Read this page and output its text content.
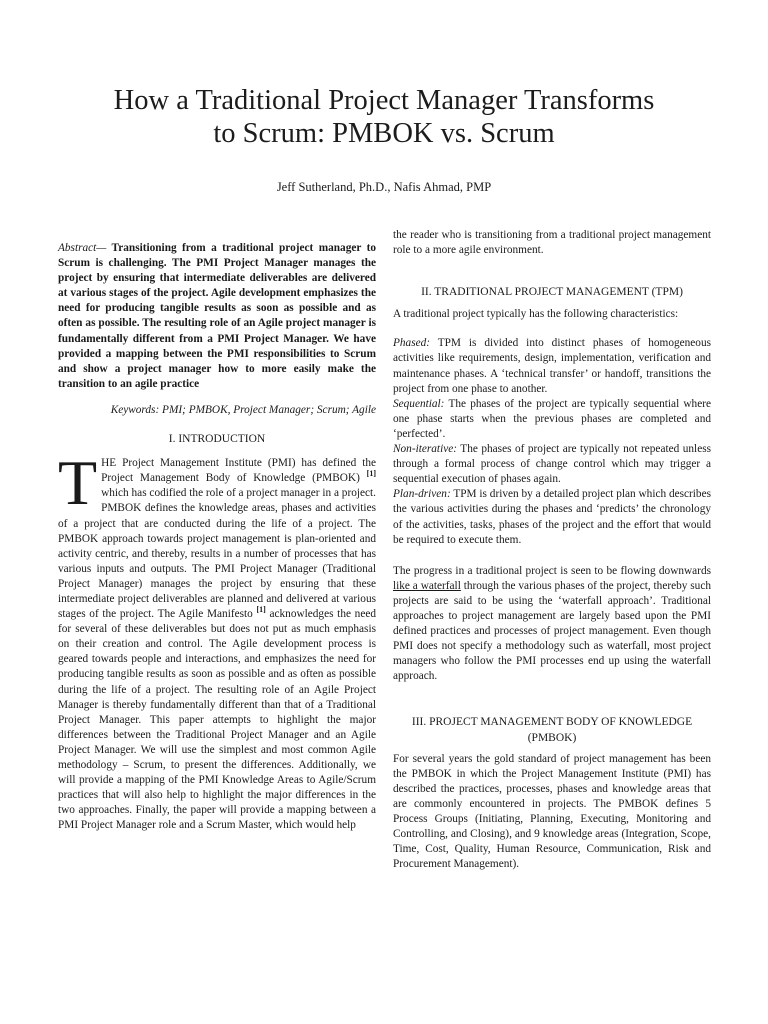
How a Traditional Project Manager Transforms
to Scrum: PMBOK vs. Scrum
Jeff Sutherland, Ph.D., Nafis Ahmad, PMP

Abstract— Transitioning from a traditional project manager to Scrum is challenging. The PMI Project Manager manages the project by ensuring that intermediate deliverables are delivered at various stages of the project. Agile development emphasizes the need for producing tangible results as soon as possible and as often as possible. The resulting role of an Agile project manager is fundamentally different from a PMI Project Manager. We have provided a mapping between the PMI responsibilities to Scrum and show a project manager how to more easily make the transition to an agile practice

Keywords: PMI; PMBOK, Project Manager; Scrum; Agile
I. INTRODUCTION

THE Project Management Institute (PMI) has defined the Project Management Body of Knowledge (PMBOK) [1] which has codified the role of a project manager in a project. PMBOK defines the knowledge areas, phases and activities of a project that are conducted during the life of a project. The PMBOK approach towards project management is plan-oriented and activity centric, and thereby, results in a number of processes that has various inputs and outputs. The PMI Project Manager (Traditional Project Manager) manages the project by ensuring that these intermediate project deliverables are planned and delivered at various stages of the project. The Agile Manifesto [1] acknowledges the need for several of these deliverables but does not put as much emphasis on their creation and control. The Agile development process is geared towards people and interactions, and emphasizes the need for producing tangible results as soon as possible and as often as possible during the life of a project. The resulting role of an Agile Project Manager is thereby fundamentally different than that of a Traditional Project Manager. This paper attempts to highlight the major differences between the Traditional Project Manager and an Agile Project Manager. We will use the simplest and most common Agile methodology – Scrum, to present the differences. Additionally, we will provide a mapping of the PMI Knowledge Areas to Agile/Scrum practices that will also help to highlight the major differences in the two approaches. Finally, the paper will provide a mapping between a PMI Project Manager role and a Scrum Master, which would help

the reader who is transitioning from a traditional project management role to a more agile environment.

II. TRADITIONAL PROJECT MANAGEMENT (TPM)

A traditional project typically has the following characteristics:

Phased: TPM is divided into distinct phases of homogeneous activities like requirements, design, implementation, verification and maintenance phases. A ‘technical transfer’ or handoff, transitions the project from one phase to another.

Sequential: The phases of the project are typically sequential where one phase starts when the previous phases are completed and ‘perfected’.

Non-iterative: The phases of project are typically not repeated unless through a formal process of change control which may trigger a sequential execution of phases again.

Plan-driven: TPM is driven by a detailed project plan which describes the various activities during the phases and ‘predicts’ the chronology of the activities, tasks, phases of the project and the effort that would be required to execute them.

The progress in a traditional project is seen to be flowing downwards like a waterfall through the various phases of the project, thereby such projects are said to be using the ‘waterfall approach’. Traditional approaches to project management are largely based upon the PMI defined practices and processes of project management. Even though PMI does not specify a methodology such as waterfall, most project managers who follow the PMI processes end up using the waterfall approach.

III. PROJECT MANAGEMENT BODY OF KNOWLEDGE
(PMBOK)

For several years the gold standard of project management has been the PMBOK in which the Project Management Institute (PMI) has described the practices, processes, phases and knowledge areas that are commonly encountered in projects. The PMBOK defines 5 Process Groups (Initiating, Planning, Executing, Monitoring and Controlling, and Closing), and 9 knowledge areas (Integration, Scope, Time, Cost, Quality, Human Resource, Communication, Risk and Procurement Management).
